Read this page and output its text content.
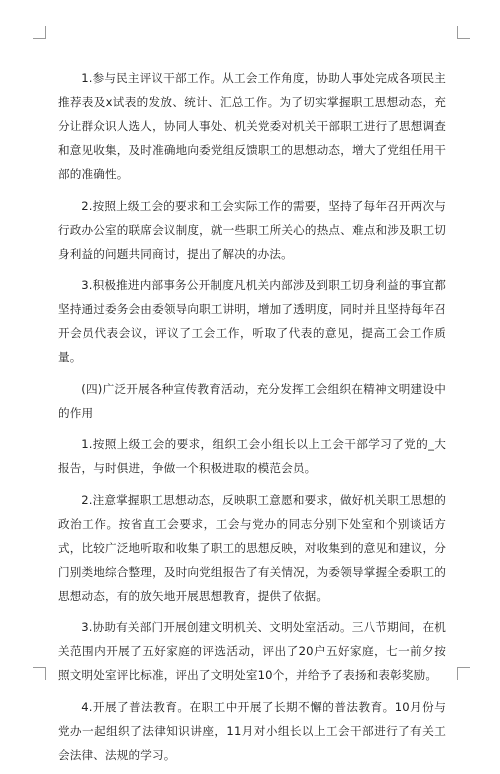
1.参与民主评议干部工作。从工会工作角度，协助人事处完成各项民主推荐表及x试表的发放、统计、汇总工作。为了切实掌握职工思想动态，充分让群众识人选人，协同人事处、机关党委对机关干部职工进行了思想调查和意见收集，及时准确地向委党组反馈职工的思想动态，增大了党组任用干部的准确性。

2.按照上级工会的要求和工会实际工作的需要，坚持了每年召开两次与行政办公室的联席会议制度，就一些职工所关心的热点、难点和涉及职工切身利益的问题共同商讨，提出了解决的办法。

3.积极推进内部事务公开制度凡机关内部涉及到职工切身利益的事宜都坚持通过委务会由委领导向职工讲明，增加了透明度，同时并且坚持每年召开会员代表会议，评议了工会工作，听取了代表的意见，提高工会工作质量。

(四)广泛开展各种宣传教育活动，充分发挥工会组织在精神文明建设中的作用

1.按照上级工会的要求，组织工会小组长以上工会干部学习了党的_大报告，与时俱进，争做一个积极进取的模范会员。

2.注意掌握职工思想动态，反映职工意愿和要求，做好机关职工思想的政治工作。按省直工会要求，工会与党办的同志分别下处室和个别谈话方式，比较广泛地听取和收集了职工的思想反映，对收集到的意见和建议，分门别类地综合整理，及时向党组报告了有关情况，为委领导掌握全委职工的思想动态，有的放矢地开展思想教育，提供了依据。

3.协助有关部门开展创建文明机关、文明处室活动。三八节期间，在机关范围内开展了五好家庭的评选活动，评出了20户五好家庭，七一前夕按照文明处室评比标准，评出了文明处室10个，并给予了表扬和表彰奖励。

4.开展了普法教育。在职工中开展了长期不懈的普法教育。10月份与党办一起组织了法律知识讲座，11月对小组长以上工会干部进行了有关工会法律、法规的学习。
